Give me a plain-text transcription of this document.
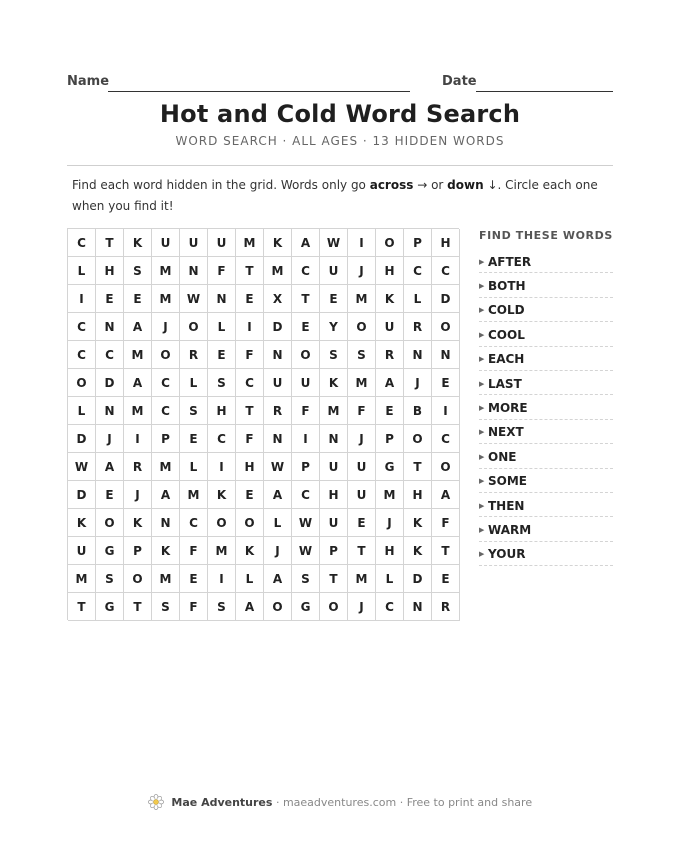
Name	Date
Hot and Cold Word Search
WORD SEARCH · ALL AGES · 13 HIDDEN WORDS
Find each word hidden in the grid. Words only go across → or down ↓. Circle each one when you find it!
C	T	K	U	U	U	M	K	A	W	I	O	P	H
L	H	S	M	N	F	T	M	C	U	J	H	C	C
I	E	E	M	W	N	E	X	T	E	M	K	L	D
C	N	A	J	O	L	I	D	E	Y	O	U	R	O
C	C	M	O	R	E	F	N	O	S	S	R	N	N
O	D	A	C	L	S	C	U	U	K	M	A	J	E
L	N	M	C	S	H	T	R	F	M	F	E	B	I
D	J	I	P	E	C	F	N	I	N	J	P	O	C
W	A	R	M	L	I	H	W	P	U	U	G	T	O
D	E	J	A	M	K	E	A	C	H	U	M	H	A
K	O	K	N	C	O	O	L	W	U	E	J	K	F
U	G	P	K	F	M	K	J	W	P	T	H	K	T
M	S	O	M	E	I	L	A	S	T	M	L	D	E
T	G	T	S	F	S	A	O	G	O	J	C	N	R
FIND THESE WORDS
▶ AFTER
▶ BOTH
▶ COLD
▶ COOL
▶ EACH
▶ LAST
▶ MORE
▶ NEXT
▶ ONE
▶ SOME
▶ THEN
▶ WARM
▶ YOUR
Mae Adventures · maeadventures.com · Free to print and share
